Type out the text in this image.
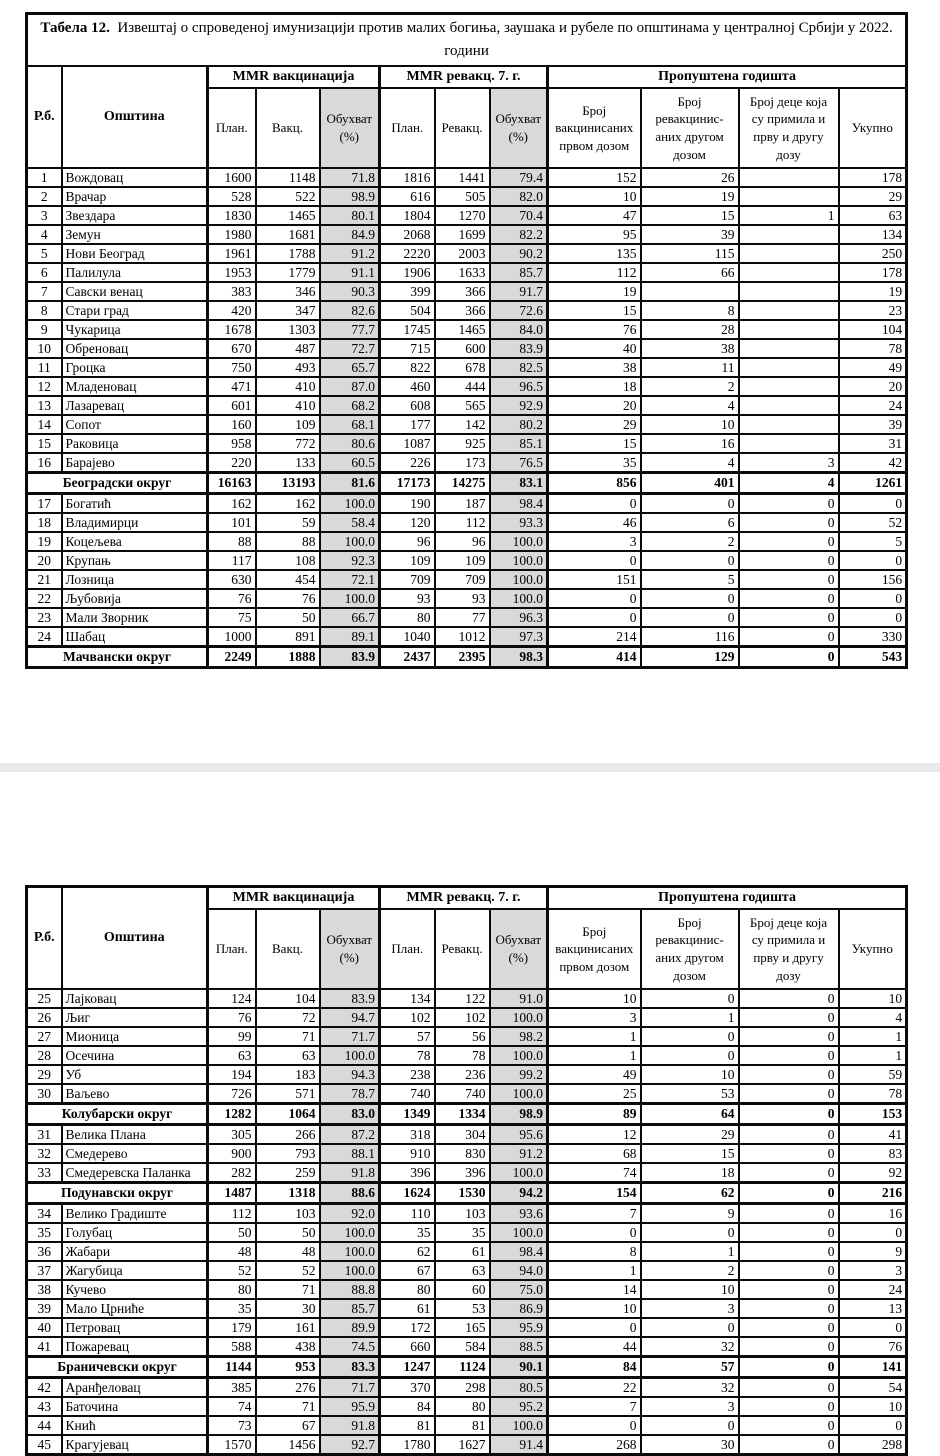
Табела 12. Извештај о спроведеној имунизацији против малих богиња, заушака и рубеле по општинама у централној Србији у 2022. години											
Р.б.	Општина	MMR вакцинација			MMR ревакц. 7. г.			Пропуштена годишта			
		План.	Вакц.	Обухват (%)	План.	Ревакц.	Обухват (%)	Број вакцинисаних првом дозом	Број ревакцинис-аних другом дозом	Број деце која су примила и прву и другу дозу	Укупно
1	Вождовац	1600	1148	71.8	1816	1441	79.4	152	26		178
2	Врачар	528	522	98.9	616	505	82.0	10	19		29
3	Звездара	1830	1465	80.1	1804	1270	70.4	47	15	1	63
4	Земун	1980	1681	84.9	2068	1699	82.2	95	39		134
5	Нови Београд	1961	1788	91.2	2220	2003	90.2	135	115		250
6	Палилула	1953	1779	91.1	1906	1633	85.7	112	66		178
7	Савски венац	383	346	90.3	399	366	91.7	19			19
8	Стари град	420	347	82.6	504	366	72.6	15	8		23
9	Чукарица	1678	1303	77.7	1745	1465	84.0	76	28		104
10	Обреновац	670	487	72.7	715	600	83.9	40	38		78
11	Гроцка	750	493	65.7	822	678	82.5	38	11		49
12	Младеновац	471	410	87.0	460	444	96.5	18	2		20
13	Лазаревац	601	410	68.2	608	565	92.9	20	4		24
14	Сопот	160	109	68.1	177	142	80.2	29	10		39
15	Раковица	958	772	80.6	1087	925	85.1	15	16		31
16	Барајево	220	133	60.5	226	173	76.5	35	4	3	42
Београдски округ		16163	13193	81.6	17173	14275	83.1	856	401	4	1261
17	Богатић	162	162	100.0	190	187	98.4	0	0	0	0
18	Владимирци	101	59	58.4	120	112	93.3	46	6	0	52
19	Коцељева	88	88	100.0	96	96	100.0	3	2	0	5
20	Крупањ	117	108	92.3	109	109	100.0	0	0	0	0
21	Лозница	630	454	72.1	709	709	100.0	151	5	0	156
22	Љубовија	76	76	100.0	93	93	100.0	0	0	0	0
23	Мали Зворник	75	50	66.7	80	77	96.3	0	0	0	0
24	Шабац	1000	891	89.1	1040	1012	97.3	214	116	0	330
Мачвански округ		2249	1888	83.9	2437	2395	98.3	414	129	0	543
Р.б.	Општина	MMR вакцинација			MMR ревакц. 7. г.			Пропуштена годишта			
		План.	Вакц.	Обухват (%)	План.	Ревакц.	Обухват (%)	Број вакцинисаних првом дозом	Број ревакцинис-аних другом дозом	Број деце која су примила и прву и другу дозу	Укупно
25	Лајковац	124	104	83.9	134	122	91.0	10	0	0	10
26	Љиг	76	72	94.7	102	102	100.0	3	1	0	4
27	Мионица	99	71	71.7	57	56	98.2	1	0	0	1
28	Осечина	63	63	100.0	78	78	100.0	1	0	0	1
29	Уб	194	183	94.3	238	236	99.2	49	10	0	59
30	Ваљево	726	571	78.7	740	740	100.0	25	53	0	78
Колубарски округ		1282	1064	83.0	1349	1334	98.9	89	64	0	153
31	Велика Плана	305	266	87.2	318	304	95.6	12	29	0	41
32	Смедерево	900	793	88.1	910	830	91.2	68	15	0	83
33	Смедеревска Паланка	282	259	91.8	396	396	100.0	74	18	0	92
Подунавски округ		1487	1318	88.6	1624	1530	94.2	154	62	0	216
34	Велико Градиште	112	103	92.0	110	103	93.6	7	9	0	16
35	Голубац	50	50	100.0	35	35	100.0	0	0	0	0
36	Жабари	48	48	100.0	62	61	98.4	8	1	0	9
37	Жагубица	52	52	100.0	67	63	94.0	1	2	0	3
38	Кучево	80	71	88.8	80	60	75.0	14	10	0	24
39	Мало Црниће	35	30	85.7	61	53	86.9	10	3	0	13
40	Петровац	179	161	89.9	172	165	95.9	0	0	0	0
41	Пожаревац	588	438	74.5	660	584	88.5	44	32	0	76
Браничевски округ		1144	953	83.3	1247	1124	90.1	84	57	0	141
42	Аранђеловац	385	276	71.7	370	298	80.5	22	32	0	54
43	Баточина	74	71	95.9	84	80	95.2	7	3	0	10
44	Кнић	73	67	91.8	81	81	100.0	0	0	0	0
45	Крагујевац	1570	1456	92.7	1780	1627	91.4	268	30	0	298
